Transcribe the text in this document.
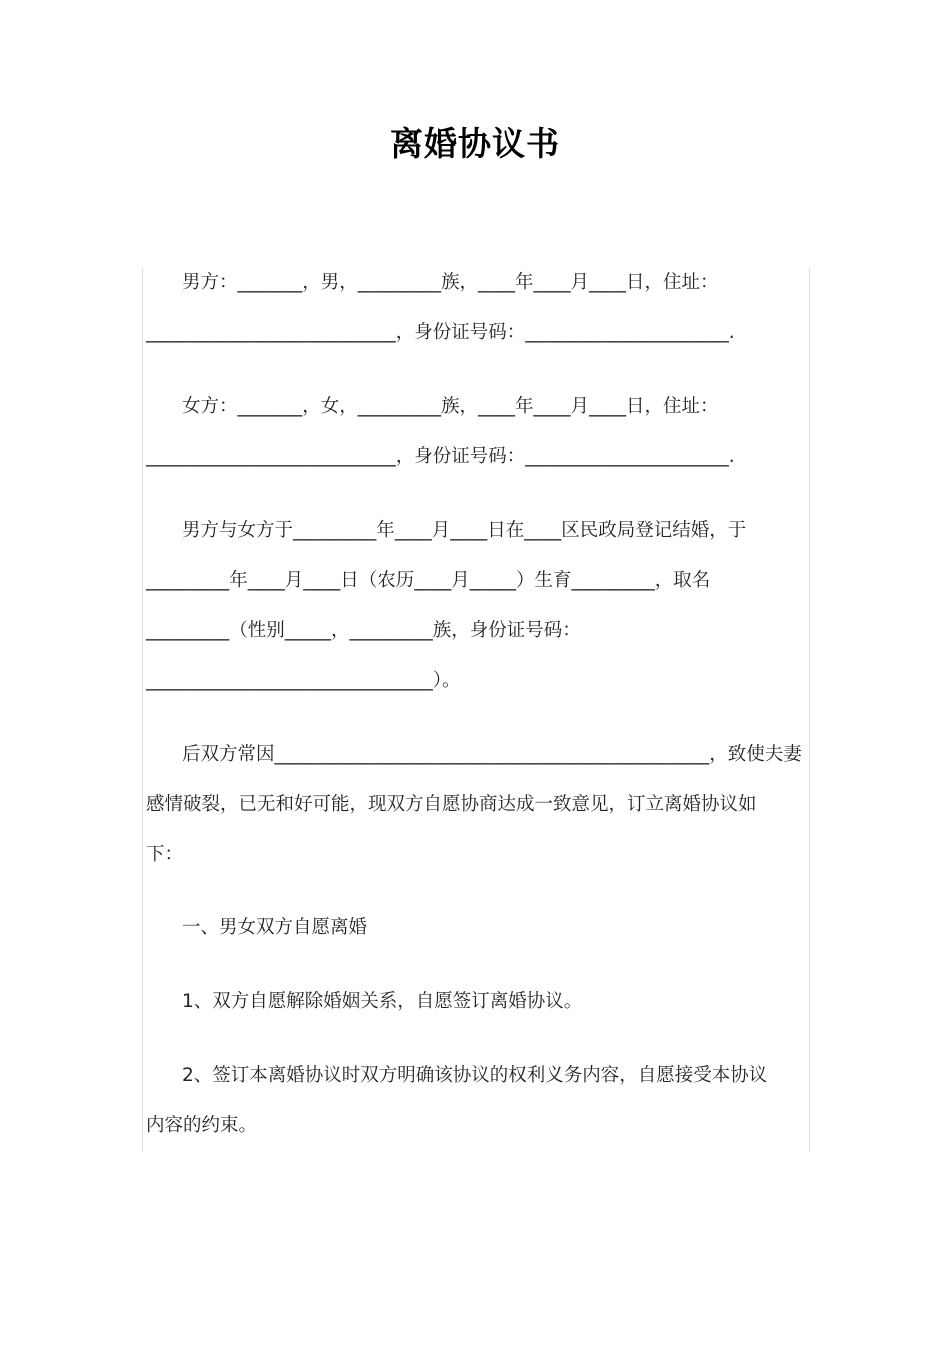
离婚协议书
男方：_______，男，_________族，____年____月____日，住址：
___________________________，身份证号码：______________________.
女方：_______，女，_________族，____年____月____日，住址：
___________________________，身份证号码：______________________.
男方与女方于_________年____月____日在____区民政局登记结婚，于
_________年____月____日（农历____月_____）生育_________，取名
_________（性别_____，_________族，身份证号码：
_______________________________）。
后双方常因_______________________________________________，致使夫妻
感情破裂，已无和好可能，现双方自愿协商达成一致意见，订立离婚协议如
下：
一、男女双方自愿离婚
1、双方自愿解除婚姻关系，自愿签订离婚协议。
2、签订本离婚协议时双方明确该协议的权利义务内容，自愿接受本协议
内容的约束。
